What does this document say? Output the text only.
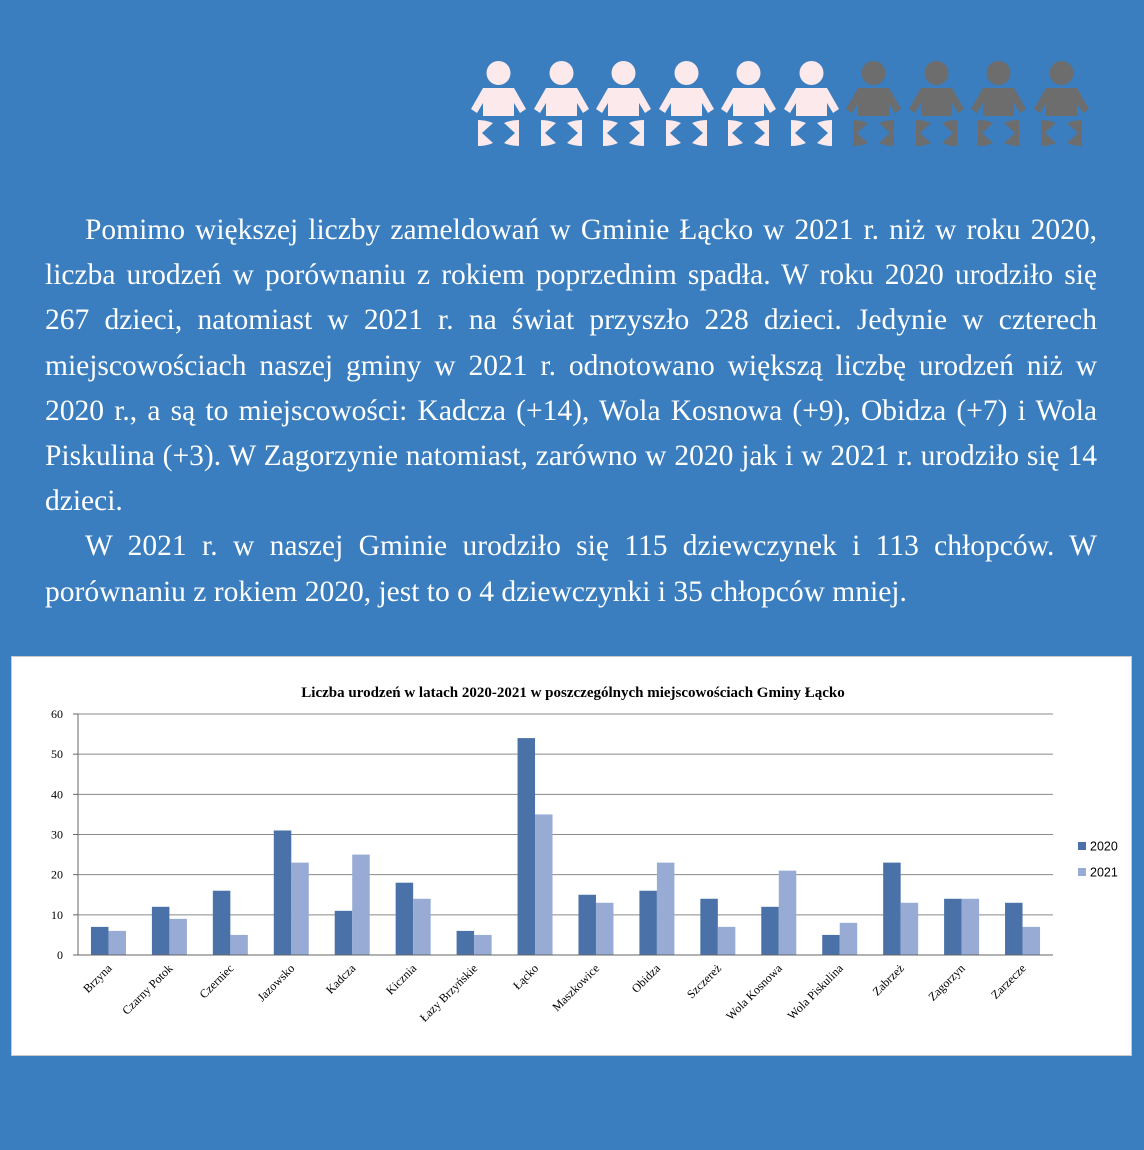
Pomimo większej liczby zameldowań w Gminie Łącko w 2021 r. niż w roku 2020, liczba urodzeń w porównaniu z rokiem poprzednim spadła. W roku 2020 urodziło się 267 dzieci, natomiast w 2021 r. na świat przyszło 228 dzieci. Jedynie w czterech miejscowościach naszej gminy w 2021 r. odnotowano większą liczbę urodzeń niż w 2020 r., a są to miejscowości: Kadcza (+14), Wola Kosnowa (+9), Obidza (+7) i Wola Piskulina (+3). W Zagorzynie natomiast, zarówno w 2020 jak i w 2021 r. urodziło się 14 dzieci.

W 2021 r. w naszej Gminie urodziło się 115 dziewczynek i 113 chłopców. W porównaniu z rokiem 2020, jest to o 4 dziewczynki i 35 chłopców mniej.

Liczba urodzeń w latach 2020-2021 w poszczególnych miejscowościach Gminy Łącko
0
10
20
30
40
50
60
Brzyna Czarny Potok Czerniec Jazowsko Kadcza Kicznia
Łazy Brzyńskie Łącko Maszkowice Obidza Szczereż Wola Kosnowa Wola Piskulina Zabrzeż Zagorzyn Zarzecze
2020
2021
